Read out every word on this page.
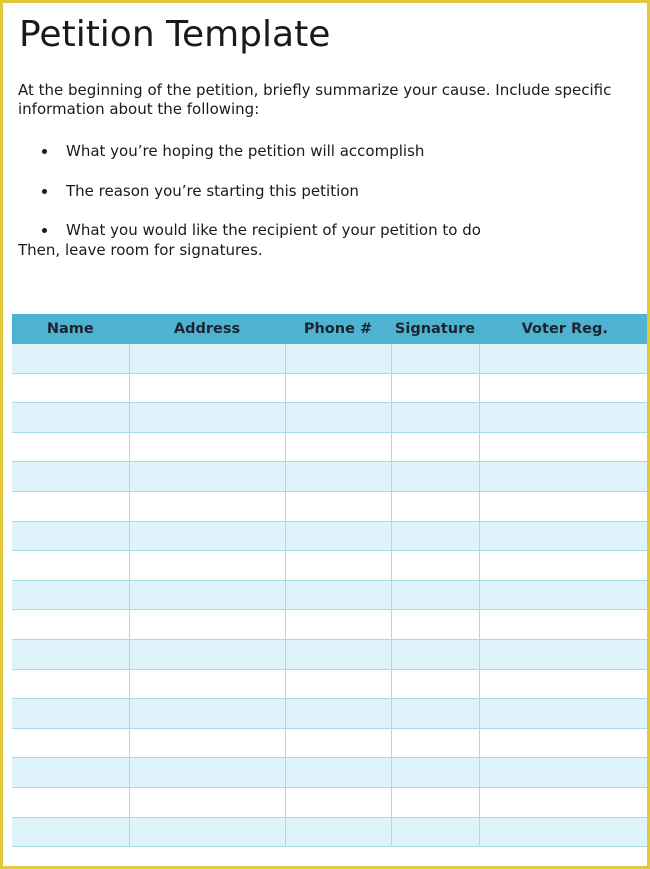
Petition Template

At the beginning of the petition, briefly summarize your cause. Include specific information about the following:

What you’re hoping the petition will accomplish
The reason you’re starting this petition
What you would like the recipient of your petition to do

Then, leave room for signatures.

Name	Address	Phone #	Signature	Voter Reg.
